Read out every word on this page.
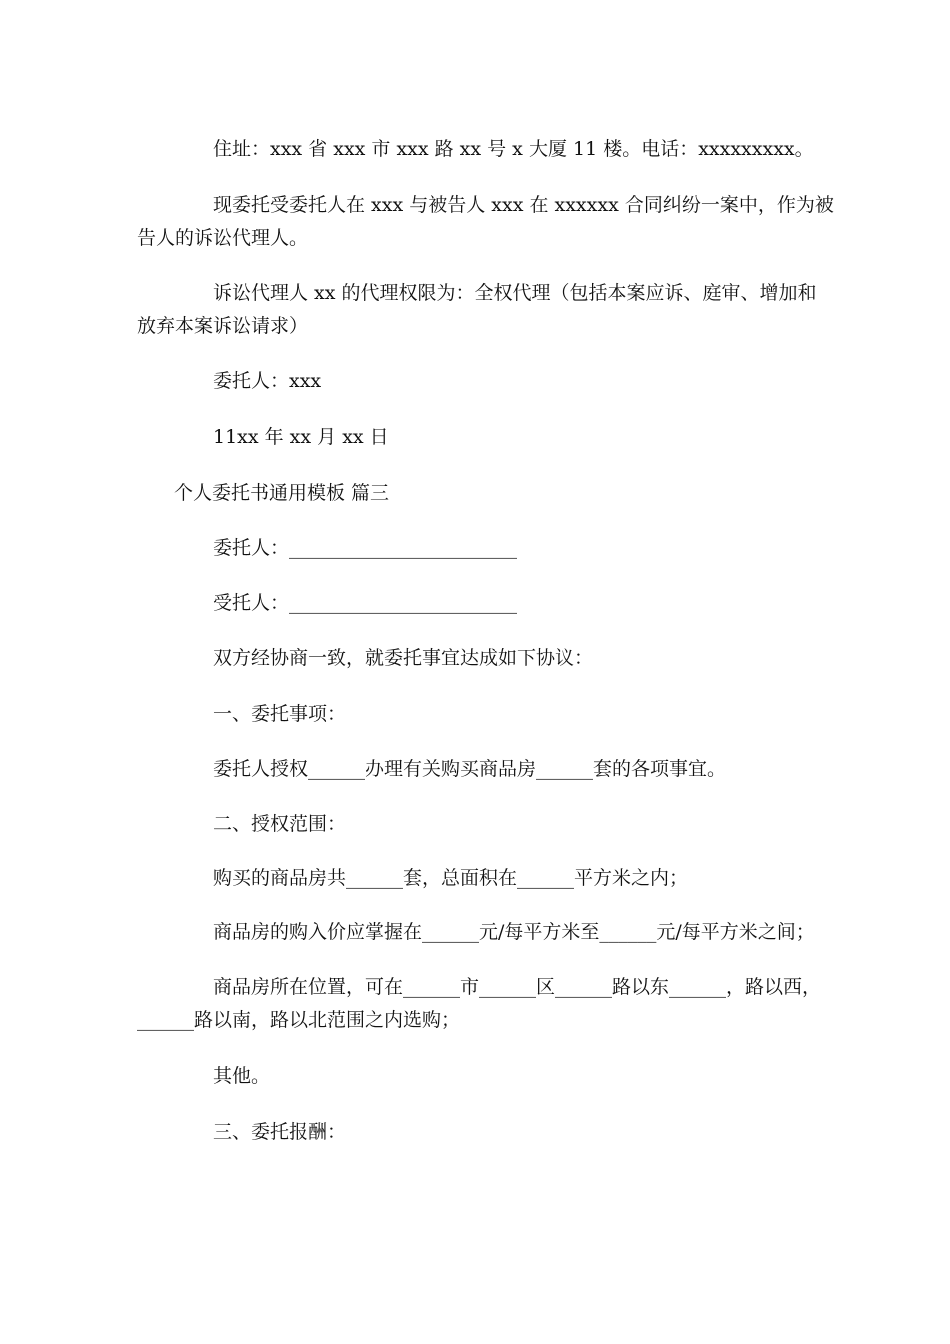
住址：xxx 省 xxx 市 xxx 路 xx 号 x 大厦 11 楼。电话：xxxxxxxxx。
现委托受委托人在 xxx 与被告人 xxx 在 xxxxxx 合同纠纷一案中，作为被
告人的诉讼代理人。
诉讼代理人 xx 的代理权限为：全权代理（包括本案应诉、庭审、增加和
放弃本案诉讼请求）
委托人：xxx
11xx 年 xx 月 xx 日
个人委托书通用模板 篇三
委托人：________________________
受托人：________________________
双方经协商一致，就委托事宜达成如下协议：
一、委托事项：
委托人授权______办理有关购买商品房______套的各项事宜。
二、授权范围：
购买的商品房共______套，总面积在______平方米之内；
商品房的购入价应掌握在______元/每平方米至______元/每平方米之间；
商品房所在位置，可在______市______区______路以东______，路以西，
______路以南，路以北范围之内选购；
其他。
三、委托报酬：
